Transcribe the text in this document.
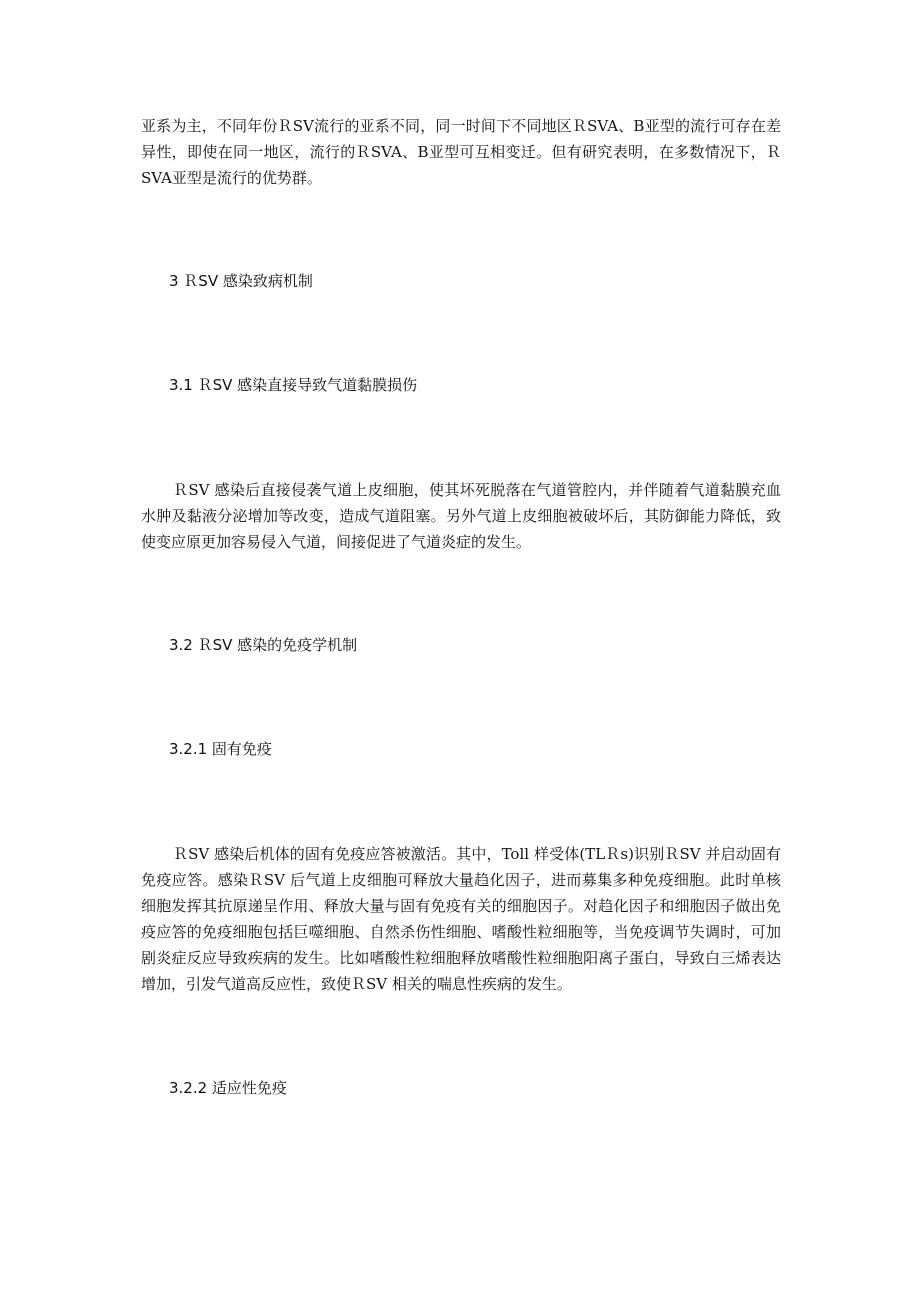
亚系为主，不同年份ＲSV流行的亚系不同，同一时间下不同地区ＲSVA、B亚型的流行可存在差异性，即使在同一地区，流行的ＲSVA、B亚型可互相变迁。但有研究表明，在多数情况下，ＲSVA亚型是流行的优势群。

3 ＲSV 感染致病机制

3.1 ＲSV 感染直接导致气道黏膜损伤

ＲSV 感染后直接侵袭气道上皮细胞，使其坏死脱落在气道管腔内，并伴随着气道黏膜充血水肿及黏液分泌增加等改变，造成气道阻塞。另外气道上皮细胞被破坏后，其防御能力降低，致使变应原更加容易侵入气道，间接促进了气道炎症的发生。

3.2 ＲSV 感染的免疫学机制

3.2.1 固有免疫

ＲSV 感染后机体的固有免疫应答被激活。其中，Toll 样受体(TLＲs)识别ＲSV 并启动固有免疫应答。感染ＲSV 后气道上皮细胞可释放大量趋化因子，进而募集多种免疫细胞。此时单核细胞发挥其抗原递呈作用、释放大量与固有免疫有关的细胞因子。对趋化因子和细胞因子做出免疫应答的免疫细胞包括巨噬细胞、自然杀伤性细胞、嗜酸性粒细胞等，当免疫调节失调时，可加剧炎症反应导致疾病的发生。比如嗜酸性粒细胞释放嗜酸性粒细胞阳离子蛋白，导致白三烯表达增加，引发气道高反应性，致使ＲSV 相关的喘息性疾病的发生。

3.2.2 适应性免疫
